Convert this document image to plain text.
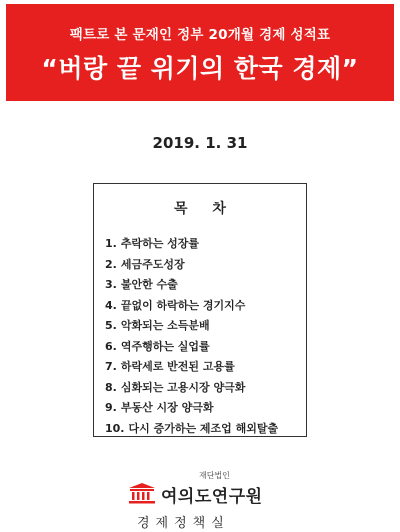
팩트로 본 문재인 정부 20개월 경제 성적표
“버랑 끝 위기의 한국 경제”
2019. 1. 31
목 차
1. 추락하는 성장률
2. 세금주도성장
3. 불안한 수출
4. 끝없이 하락하는 경기지수
5. 악화되는 소득분배
6. 역주행하는 실업률
7. 하락세로 반전된 고용률
8. 심화되는 고용시장 양극화
9. 부동산 시장 양극화
10. 다시 증가하는 제조업 해외탈출
재단법인
여의도연구원
경제정책실
